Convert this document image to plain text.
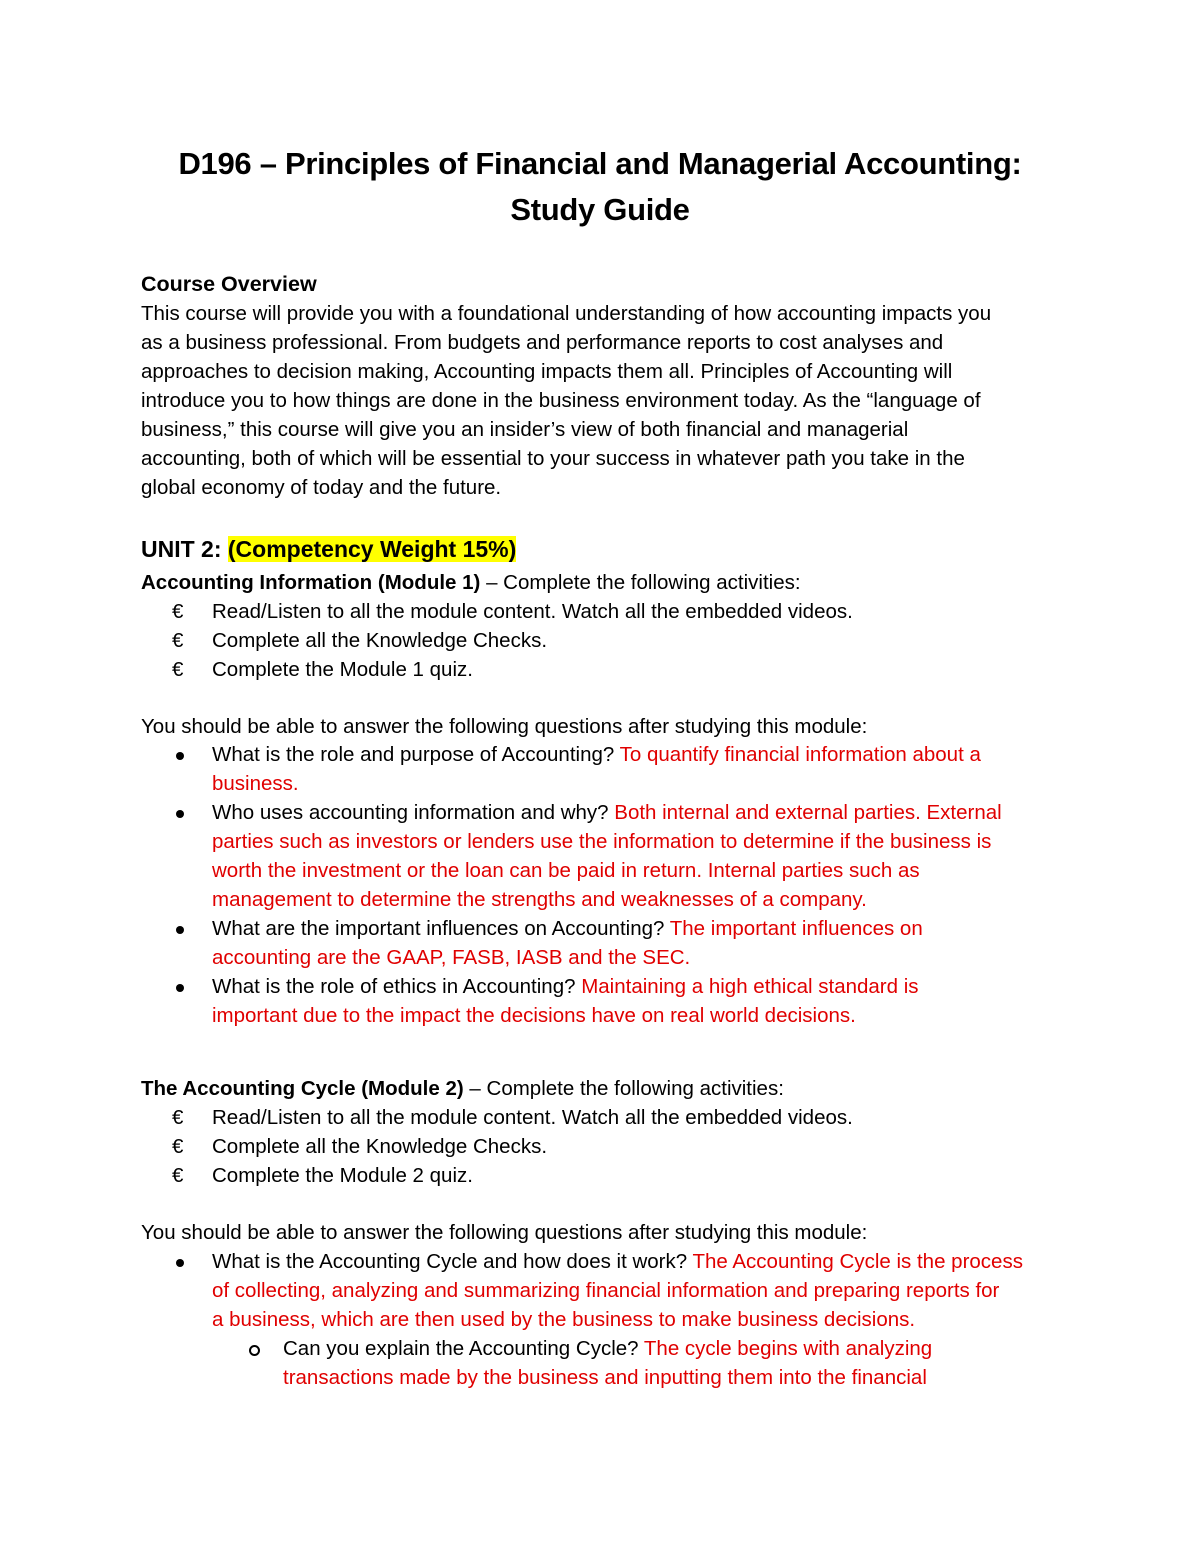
D196 – Principles of Financial and Managerial Accounting:
Study Guide
Course Overview
This course will provide you with a foundational understanding of how accounting impacts you
as a business professional. From budgets and performance reports to cost analyses and
approaches to decision making, Accounting impacts them all. Principles of Accounting will
introduce you to how things are done in the business environment today. As the “language of
business,” this course will give you an insider’s view of both financial and managerial
accounting, both of which will be essential to your success in whatever path you take in the
global economy of today and the future.
UNIT 2: (Competency Weight 15%)
Accounting Information (Module 1) – Complete the following activities:
€ Read/Listen to all the module content. Watch all the embedded videos.
€ Complete all the Knowledge Checks.
€ Complete the Module 1 quiz.
You should be able to answer the following questions after studying this module:
What is the role and purpose of Accounting? To quantify financial information about a
business.
Who uses accounting information and why? Both internal and external parties. External
parties such as investors or lenders use the information to determine if the business is
worth the investment or the loan can be paid in return. Internal parties such as
management to determine the strengths and weaknesses of a company.
What are the important influences on Accounting? The important influences on
accounting are the GAAP, FASB, IASB and the SEC.
What is the role of ethics in Accounting? Maintaining a high ethical standard is
important due to the impact the decisions have on real world decisions.
The Accounting Cycle (Module 2) – Complete the following activities:
€ Read/Listen to all the module content. Watch all the embedded videos.
€ Complete all the Knowledge Checks.
€ Complete the Module 2 quiz.
You should be able to answer the following questions after studying this module:
What is the Accounting Cycle and how does it work? The Accounting Cycle is the process
of collecting, analyzing and summarizing financial information and preparing reports for
a business, which are then used by the business to make business decisions.
Can you explain the Accounting Cycle? The cycle begins with analyzing
transactions made by the business and inputting them into the financial
